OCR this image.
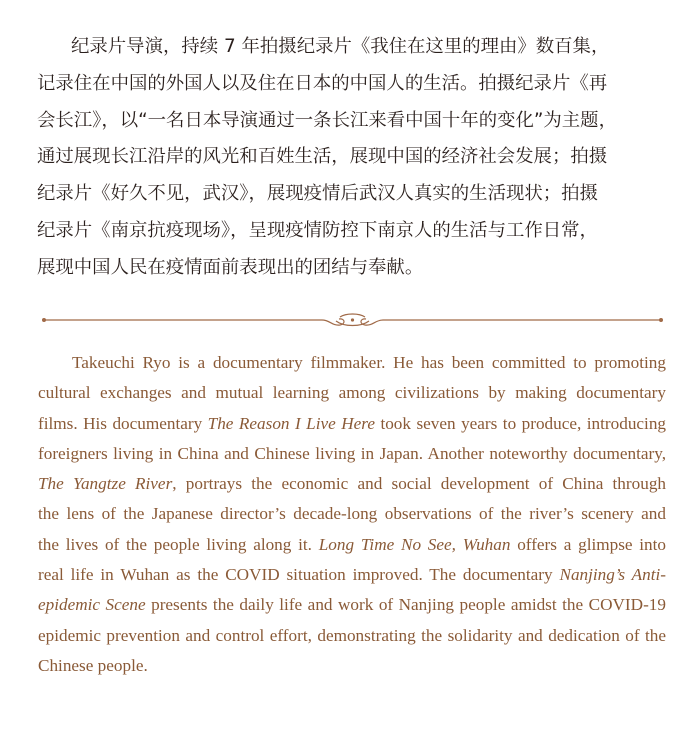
纪录片导演，持续 7 年拍摄纪录片《我住在这里的理由》数百集，
记录住在中国的外国人以及住在日本的中国人的生活。拍摄纪录片《再
会长江》，以“一名日本导演通过一条长江来看中国十年的变化”为主题，
通过展现长江沿岸的风光和百姓生活，展现中国的经济社会发展；拍摄
纪录片《好久不见，武汉》，展现疫情后武汉人真实的生活现状；拍摄
纪录片《南京抗疫现场》，呈现疫情防控下南京人的生活与工作日常，
展现中国人民在疫情面前表现出的团结与奉献。
Takeuchi Ryo is a documentary filmmaker. He has been committed to promoting
cultural exchanges and mutual learning among civilizations by making documentary
films. His documentary The Reason I Live Here took seven years to produce, introducing
foreigners living in China and Chinese living in Japan. Another noteworthy documentary,
The Yangtze River, portrays the economic and social development of China through
the lens of the Japanese director’s decade-long observations of the river’s scenery and
the lives of the people living along it. Long Time No See, Wuhan offers a glimpse into
real life in Wuhan as the COVID situation improved. The documentary Nanjing’s Anti-
epidemic Scene presents the daily life and work of Nanjing people amidst the COVID-19
epidemic prevention and control effort, demonstrating the solidarity and dedication of the
Chinese people.
